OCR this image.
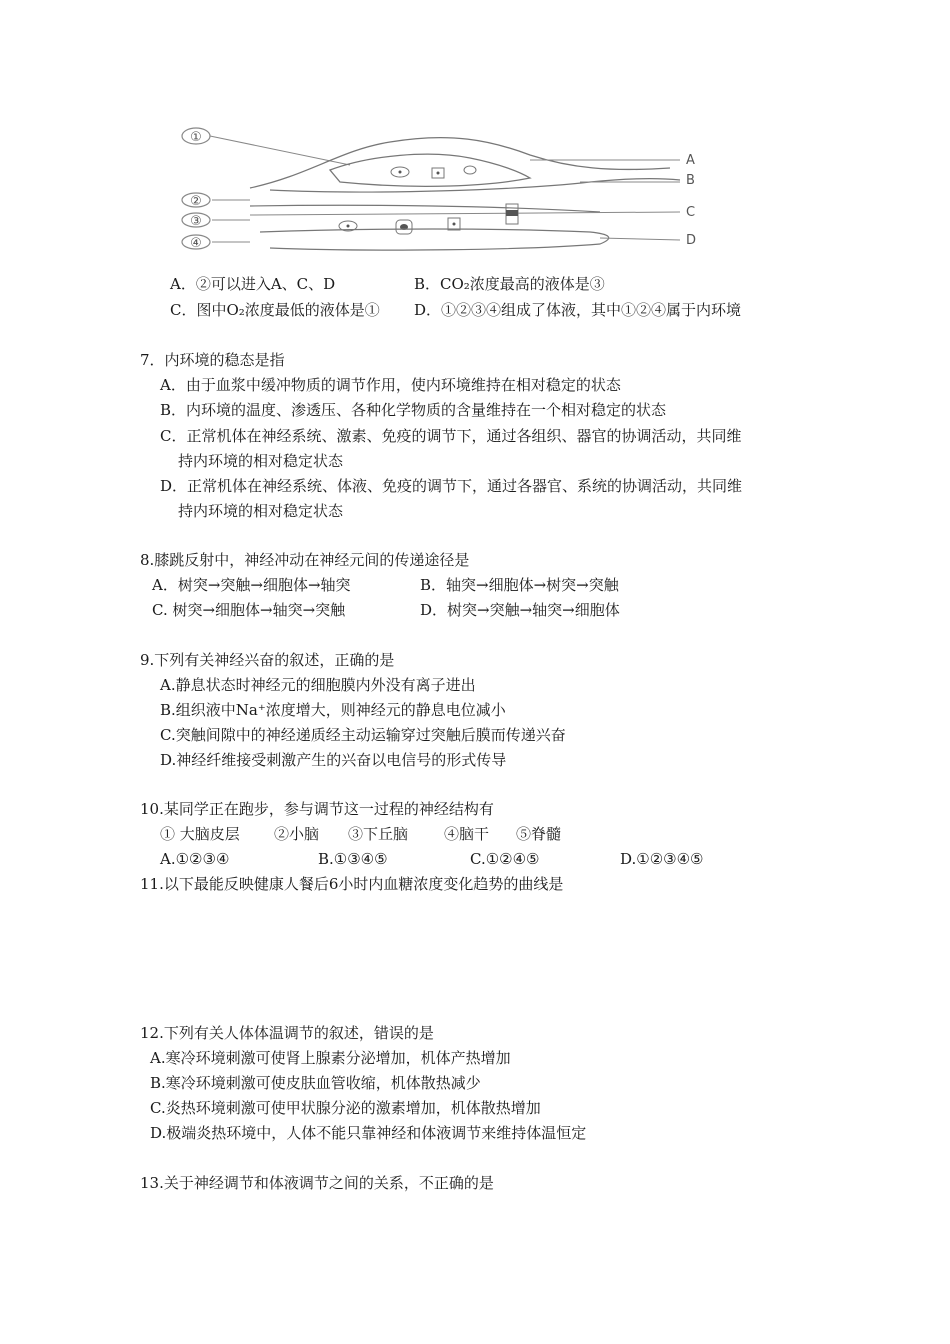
①
②
③
④
A
B
C
D
A．②可以进入A、C、D	B．CO₂浓度最高的液体是③
C．图中O₂浓度最低的液体是① D．①②③④组成了体液，其中①②④属于内环境
7．内环境的稳态是指
A．由于血浆中缓冲物质的调节作用，使内环境维持在相对稳定的状态
B．内环境的温度、渗透压、各种化学物质的含量维持在一个相对稳定的状态
C．正常机体在神经系统、激素、免疫的调节下，通过各组织、器官的协调活动，共同维
持内环境的相对稳定状态
D．正常机体在神经系统、体液、免疫的调节下，通过各器官、系统的协调活动，共同维
持内环境的相对稳定状态
8.膝跳反射中，神经冲动在神经元间的传递途径是
A．树突→突触→细胞体→轴突	B．轴突→细胞体→树突→突触
C. 树突→细胞体→轴突→突触	D．树突→突触→轴突→细胞体
9.下列有关神经兴奋的叙述，正确的是
A.静息状态时神经元的细胞膜内外没有离子进出
B.组织液中Na⁺浓度增大，则神经元的静息电位减小
C.突触间隙中的神经递质经主动运输穿过突触后膜而传递兴奋
D.神经纤维接受刺激产生的兴奋以电信号的形式传导
10.某同学正在跑步，参与调节这一过程的神经结构有
① 大脑皮层 ②小脑 ③下丘脑 ④脑干 ⑤脊髓
A.①②③④	B.①③④⑤	C.①②④⑤	D.①②③④⑤
11.以下最能反映健康人餐后6小时内血糖浓度变化趋势的曲线是
12.下列有关人体体温调节的叙述，错误的是
A.寒冷环境刺激可使肾上腺素分泌增加，机体产热增加
B.寒冷环境刺激可使皮肤血管收缩，机体散热减少
C.炎热环境刺激可使甲状腺分泌的激素增加，机体散热增加
D.极端炎热环境中，人体不能只靠神经和体液调节来维持体温恒定
13.关于神经调节和体液调节之间的关系，不正确的是
